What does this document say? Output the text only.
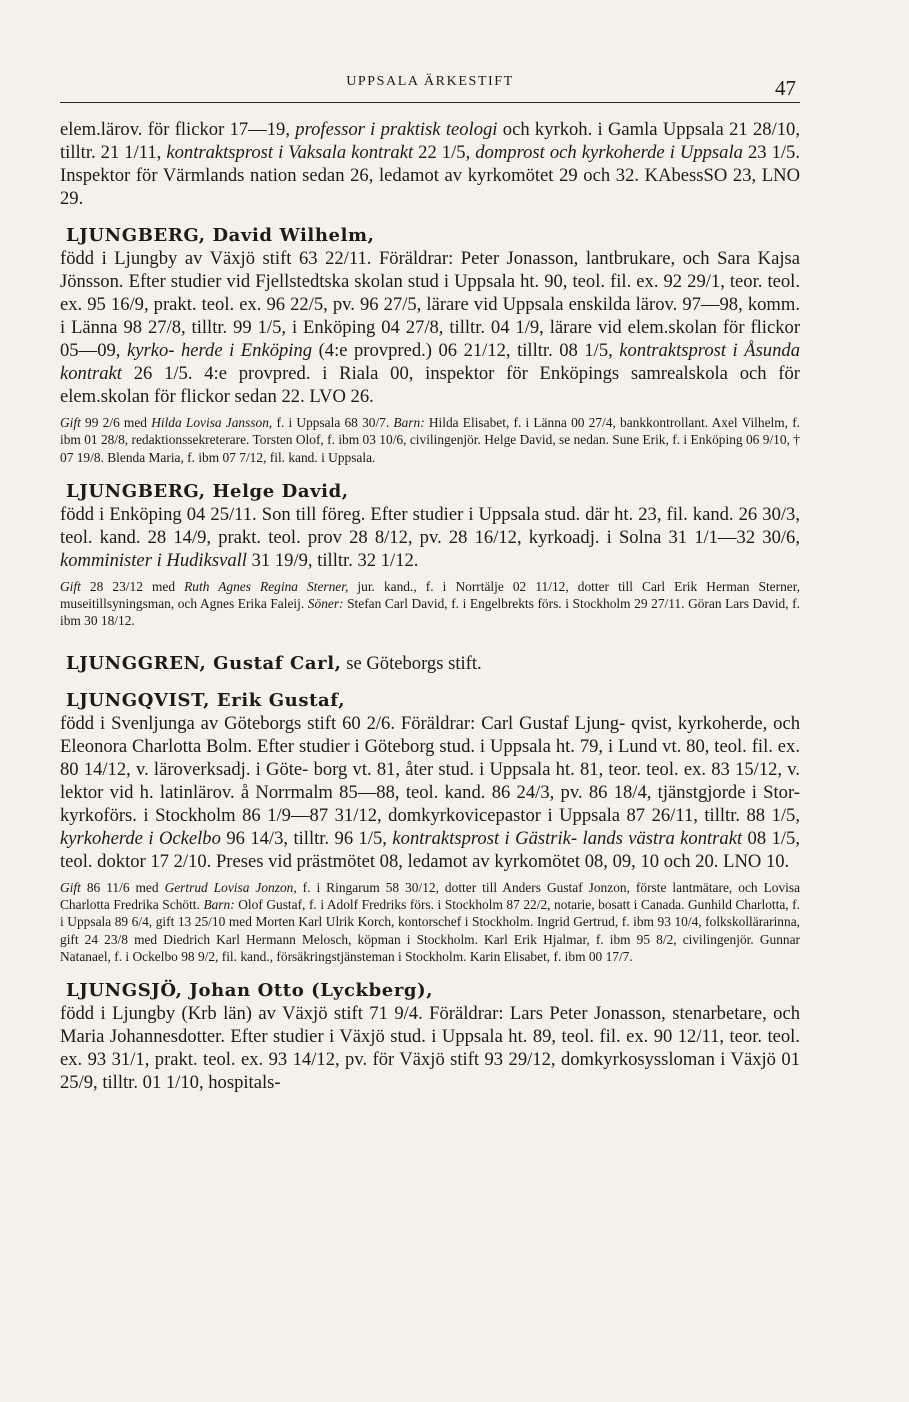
UPPSALA ÄRKESTIFT	47
elem.lärov. för flickor 17—19, professor i praktisk teologi och kyrkoh. i Gamla Uppsala 21 28/10, tilltr. 21 1/11, kontraktsprost i Vaksala kontrakt 22 1/5, domprost och kyrkoherde i Uppsala 23 1/5. Inspektor för Värmlands nation sedan 26, ledamot av kyrkomötet 29 och 32. KAbessSO 23, LNO 29.
LJUNGBERG, David Wilhelm,
född i Ljungby av Växjö stift 63 22/11. Föräldrar: Peter Jonasson, lantbrukare, och Sara Kajsa Jönsson. Efter studier vid Fjellstedtska skolan stud i Uppsala ht. 90, teol. fil. ex. 92 29/1, teor. teol. ex. 95 16/9, prakt. teol. ex. 96 22/5, pv. 96 27/5, lärare vid Uppsala enskilda lärov. 97—98, komm. i Länna 98 27/8, tilltr. 99 1/5, i Enköping 04 27/8, tilltr. 04 1/9, lärare vid elem.skolan för flickor 05—09, kyrko- herde i Enköping (4:e provpred.) 06 21/12, tilltr. 08 1/5, kontraktsprost i Åsunda kontrakt 26 1/5. 4:e provpred. i Riala 00, inspektor för Enköpings samrealskola och för elem.skolan för flickor sedan 22. LVO 26.
Gift 99 2/6 med Hilda Lovisa Jansson, f. i Uppsala 68 30/7. Barn: Hilda Elisabet, f. i Länna 00 27/4, bankkontrollant. Axel Vilhelm, f. ibm 01 28/8, redaktionssekreterare. Torsten Olof, f. ibm 03 10/6, civilingenjör. Helge David, se nedan. Sune Erik, f. i Enköping 06 9/10, † 07 19/8. Blenda Maria, f. ibm 07 7/12, fil. kand. i Uppsala.
LJUNGBERG, Helge David,
född i Enköping 04 25/11. Son till föreg. Efter studier i Uppsala stud. där ht. 23, fil. kand. 26 30/3, teol. kand. 28 14/9, prakt. teol. prov 28 8/12, pv. 28 16/12, kyrkoadj. i Solna 31 1/1—32 30/6, komminister i Hudiksvall 31 19/9, tilltr. 32 1/12.
Gift 28 23/12 med Ruth Agnes Regina Sterner, jur. kand., f. i Norrtälje 02 11/12, dotter till Carl Erik Herman Sterner, museitillsyningsman, och Agnes Erika Faleij. Söner: Stefan Carl David, f. i Engelbrekts förs. i Stockholm 29 27/11. Göran Lars David, f. ibm 30 18/12.
LJUNGGREN, Gustaf Carl, se Göteborgs stift.
LJUNGQVIST, Erik Gustaf,
född i Svenljunga av Göteborgs stift 60 2/6. Föräldrar: Carl Gustaf Ljung- qvist, kyrkoherde, och Eleonora Charlotta Bolm. Efter studier i Göteborg stud. i Uppsala ht. 79, i Lund vt. 80, teol. fil. ex. 80 14/12, v. läroverksadj. i Göte- borg vt. 81, åter stud. i Uppsala ht. 81, teor. teol. ex. 83 15/12, v. lektor vid h. latinlärov. å Norrmalm 85—88, teol. kand. 86 24/3, pv. 86 18/4, tjänstgjorde i Stor- kyrkoförs. i Stockholm 86 1/9—87 31/12, domkyrkovicepastor i Uppsala 87 26/11, tilltr. 88 1/5, kyrkoherde i Ockelbo 96 14/3, tilltr. 96 1/5, kontraktsprost i Gästrik- lands västra kontrakt 08 1/5, teol. doktor 17 2/10. Preses vid prästmötet 08, ledamot av kyrkomötet 08, 09, 10 och 20. LNO 10.
Gift 86 11/6 med Gertrud Lovisa Jonzon, f. i Ringarum 58 30/12, dotter till Anders Gustaf Jonzon, förste lantmätare, och Lovisa Charlotta Fredrika Schött. Barn: Olof Gustaf, f. i Adolf Fredriks förs. i Stockholm 87 22/2, notarie, bosatt i Canada. Gunhild Charlotta, f. i Uppsala 89 6/4, gift 13 25/10 med Morten Karl Ulrik Korch, kontorschef i Stockholm. Ingrid Gertrud, f. ibm 93 10/4, folkskollärarinna, gift 24 23/8 med Diedrich Karl Hermann Melosch, köpman i Stockholm. Karl Erik Hjalmar, f. ibm 95 8/2, civilingenjör. Gunnar Natanael, f. i Ockelbo 98 9/2, fil. kand., försäkringstjänsteman i Stockholm. Karin Elisabet, f. ibm 00 17/7.
LJUNGSJÖ, Johan Otto (Lyckberg),
född i Ljungby (Krb län) av Växjö stift 71 9/4. Föräldrar: Lars Peter Jonasson, stenarbetare, och Maria Johannesdotter. Efter studier i Växjö stud. i Uppsala ht. 89, teol. fil. ex. 90 12/11, teor. teol. ex. 93 31/1, prakt. teol. ex. 93 14/12, pv. för Växjö stift 93 29/12, domkyrkosyssloman i Växjö 01 25/9, tilltr. 01 1/10, hospitals-
